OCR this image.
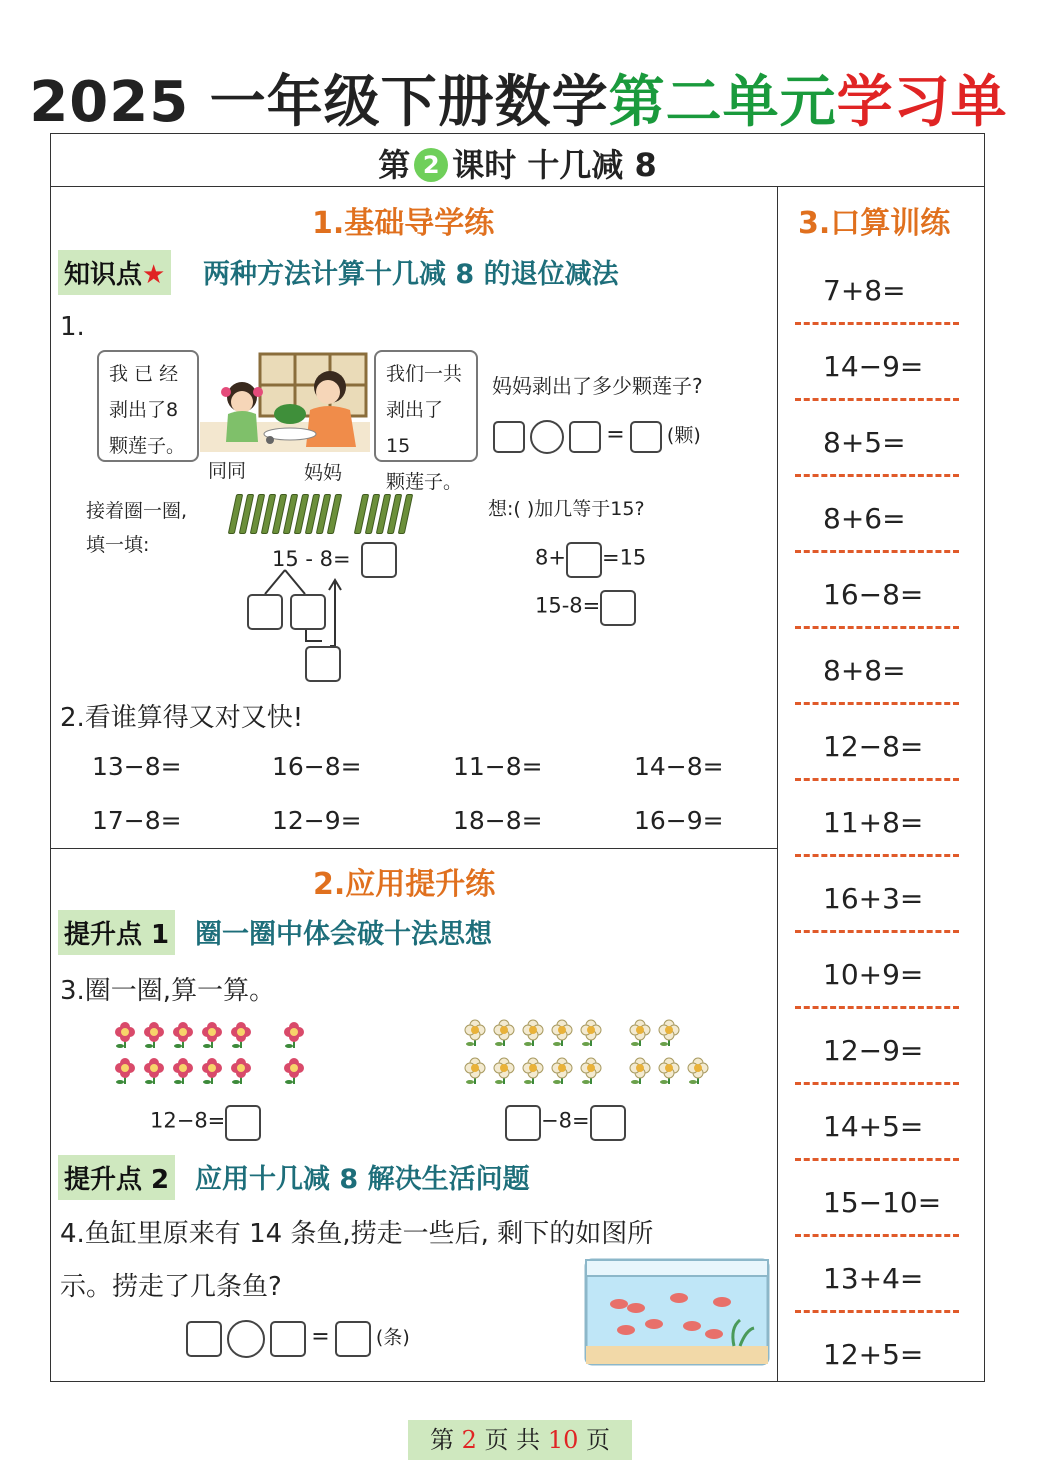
2025 一年级下册数学第二单元学习单
第 2 课时 十几减 8
1.基础导学练
知识点★ 两种方法计算十几减 8 的退位减法
1.
我 已 经
剥出了8
颗莲子。
同同	妈妈
我们一共
剥出了15
颗莲子。
妈妈剥出了多少颗莲子?
= (颗)
接着圈一圈,
填一填:
想:( )加几等于15?
15 - 8=	8+ =15
15-8=
2.看谁算得又对又快!
13−8=	16−8=	11−8=	14−8=
17−8=	12−9=	18−8=	16−9=
2.应用提升练
提升点 1 圈一圈中体会破十法思想
3.圈一圈,算一算。
12−8=	−8=
提升点 2 应用十几减 8 解决生活问题
4.鱼缸里原来有 14 条鱼,捞走一些后, 剩下的如图所
示。捞走了几条鱼?
= (条)
3.口算训练
7+8=
14−9=
8+5=
8+6=
16−8=
8+8=
12−8=
11+8=
16+3=
10+9=
12−9=
14+5=
15−10=
13+4=
12+5=
第 2 页 共 10 页
